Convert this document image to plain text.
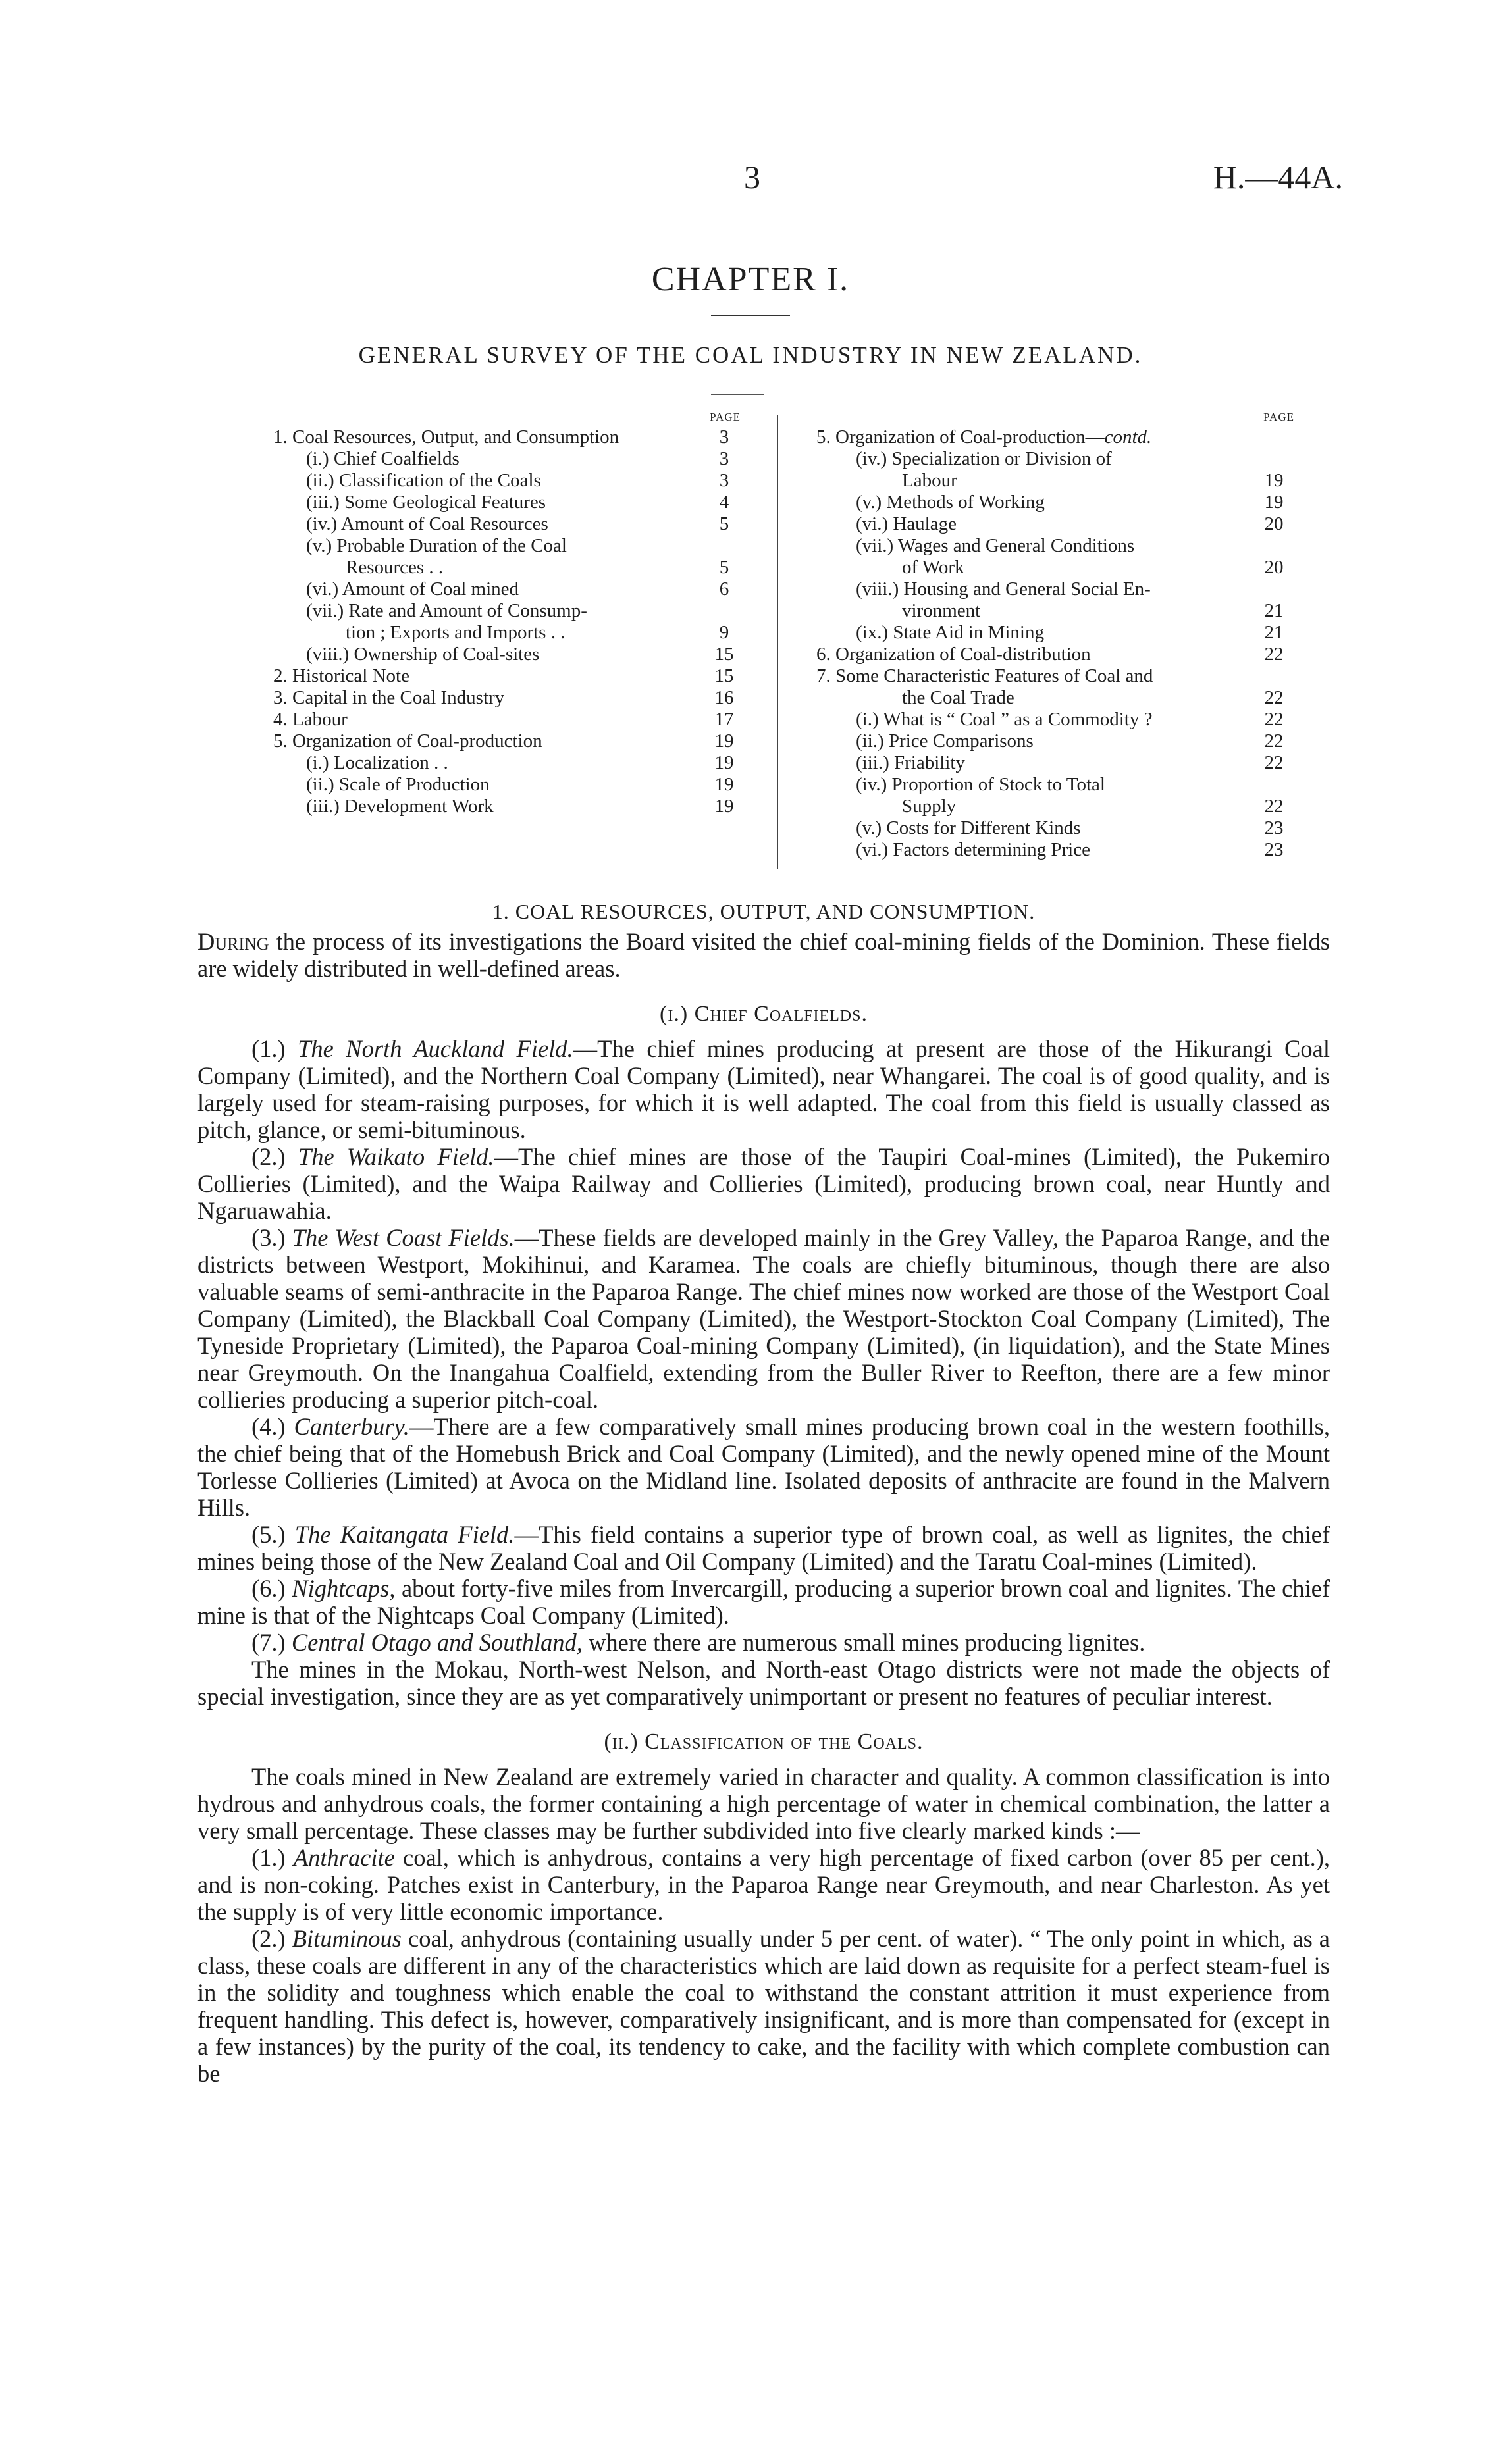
3	H.—44A.
CHAPTER I.
GENERAL SURVEY OF THE COAL INDUSTRY IN NEW ZEALAND.
PAGE
1. Coal Resources, Output, and Consumption	3
(i.) Chief Coalfields	3
(ii.) Classification of the Coals	3
(iii.) Some Geological Features	4
(iv.) Amount of Coal Resources	5
(v.) Probable Duration of the Coal
Resources . .	5
(vi.) Amount of Coal mined	6
(vii.) Rate and Amount of Consump-
tion ; Exports and Imports . .	9
(viii.) Ownership of Coal-sites	15
2. Historical Note	15
3. Capital in the Coal Industry	16
4. Labour	17
5. Organization of Coal-production	19
(i.) Localization . .	19
(ii.) Scale of Production	19
(iii.) Development Work	19
PAGE
5. Organization of Coal-production— contd.
(iv.) Specialization or Division of
Labour	19
(v.) Methods of Working	19
(vi.) Haulage	20
(vii.) Wages and General Conditions
of Work	20
(viii.) Housing and General Social En-
vironment	21
(ix.) State Aid in Mining	21
6. Organization of Coal-distribution	22
7. Some Characteristic Features of Coal and
the Coal Trade	22
(i.) What is “ Coal ” as a Commodity ?	22
(ii.) Price Comparisons	22
(iii.) Friability	22
(iv.) Proportion of Stock to Total
Supply	22
(v.) Costs for Different Kinds	23
(vi.) Factors determining Price	23

1. COAL RESOURCES, OUTPUT, AND CONSUMPTION.

During the process of its investigations the Board visited the chief coal-mining fields of the Dominion. These fields are widely distributed in well-defined areas.

(i.) Chief Coalfields.

(1.) The North Auckland Field.—The chief mines producing at present are those of the Hikurangi Coal Company (Limited), and the Northern Coal Company (Limited), near Whangarei. The coal is of good quality, and is largely used for steam-raising purposes, for which it is well adapted. The coal from this field is usually classed as pitch, glance, or semi-bituminous.

(2.) The Waikato Field.—The chief mines are those of the Taupiri Coal-mines (Limited), the Pukemiro Collieries (Limited), and the Waipa Railway and Collieries (Limited), producing brown coal, near Huntly and Ngaruawahia.

(3.) The West Coast Fields.—These fields are developed mainly in the Grey Valley, the Paparoa Range, and the districts between Westport, Mokihinui, and Karamea. The coals are chiefly bituminous, though there are also valuable seams of semi-anthracite in the Paparoa Range. The chief mines now worked are those of the Westport Coal Company (Limited), the Blackball Coal Company (Limited), the Westport-Stockton Coal Company (Limited), The Tyneside Proprietary (Limited), the Paparoa Coal-mining Company (Limited), (in liquidation), and the State Mines near Greymouth. On the Inangahua Coalfield, extending from the Buller River to Reefton, there are a few minor collieries producing a superior pitch-coal.

(4.) Canterbury.—There are a few comparatively small mines producing brown coal in the western foothills, the chief being that of the Homebush Brick and Coal Company (Limited), and the newly opened mine of the Mount Torlesse Collieries (Limited) at Avoca on the Midland line. Isolated deposits of anthracite are found in the Malvern Hills.

(5.) The Kaitangata Field.—This field contains a superior type of brown coal, as well as lignites, the chief mines being those of the New Zealand Coal and Oil Company (Limited) and the Taratu Coal-mines (Limited).

(6.) Nightcaps, about forty-five miles from Invercargill, producing a superior brown coal and lignites. The chief mine is that of the Nightcaps Coal Company (Limited).

(7.) Central Otago and Southland, where there are numerous small mines producing lignites.

The mines in the Mokau, North-west Nelson, and North-east Otago districts were not made the objects of special investigation, since they are as yet comparatively unimportant or present no features of peculiar interest.

(ii.) Classification of the Coals.

The coals mined in New Zealand are extremely varied in character and quality. A common classification is into hydrous and anhydrous coals, the former containing a high percentage of water in chemical combination, the latter a very small percentage. These classes may be further subdivided into five clearly marked kinds :—

(1.) Anthracite coal, which is anhydrous, contains a very high percentage of fixed carbon (over 85 per cent.), and is non-coking. Patches exist in Canterbury, in the Paparoa Range near Greymouth, and near Charleston. As yet the supply is of very little economic importance.

(2.) Bituminous coal, anhydrous (containing usually under 5 per cent. of water). “ The only point in which, as a class, these coals are different in any of the characteristics which are laid down as requisite for a perfect steam-fuel is in the solidity and toughness which enable the coal to withstand the constant attrition it must experience from frequent handling. This defect is, however, comparatively insignificant, and is more than compensated for (except in a few instances) by the purity of the coal, its tendency to cake, and the facility with which complete combustion can be
